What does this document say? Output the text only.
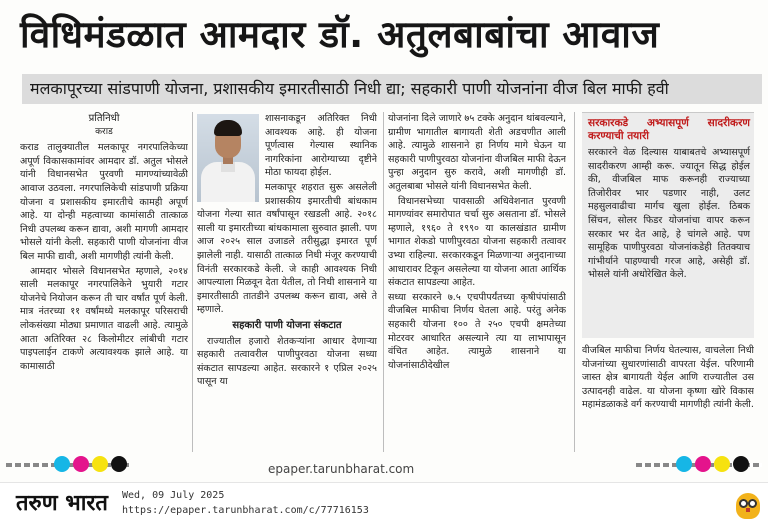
विधिमंडळात आमदार डॉ. अतुलबाबांचा आवाज
मलकापूरच्या सांडपाणी योजना, प्रशासकीय इमारतीसाठी निधी द्या; सहकारी पाणी योजनांना वीज बिल माफी हवी
प्रतिनिधी
कराड

कराड तालुक्यातील मलकापूर नगरपालिकेच्या अपूर्ण विकासकामांवर आमदार डॉ. अतुल भोसले यांनी विधानसभेत पुरवणी मागण्यांच्यावेळी आवाज उठवला. नगरपालिकेची सांडपाणी प्रक्रिया योजना व प्रशासकीय इमारतीचे कामही अपूर्ण आहे. या दोन्ही महत्वाच्या कामांसाठी तात्काळ निधी उपलब्ध करून द्यावा, अशी मागणी आमदार भोसले यांनी केली. सहकारी पाणी योजनांना वीज बिल माफी द्यावी, अशी मागणीही त्यांनी केली.

आमदार भोसले विधानसभेत म्हणाले, २०१४ साली मलकापूर नगरपालिकेने भुयारी गटार योजनेचे नियोजन करून ती चार वर्षांत पूर्ण केली. मात्र नंतरच्या ११ वर्षांमध्ये मलकापूर परिसराची लोकसंख्या मोठ्या प्रमाणात वाढली आहे. त्यामुळे आता अतिरिक्त २८ किलोमीटर लांबीची गटार पाइपलाईन टाकणे अत्यावश्यक झाले आहे. या कामासाठी

शासनाकडून अतिरिक्त निधी आवश्यक आहे. ही योजना पूर्णत्वास गेल्यास स्थानिक नागरिकांना आरोग्याच्या दृष्टीने मोठा फायदा होईल.

मलकापूर शहरात सुरू असलेली प्रशासकीय इमारतीची बांधकाम योजना गेल्या सात वर्षांपासून रखडली आहे. २०१८ साली या इमारतीच्या बांधकामाला सुरुवात झाली. पण आज २०२५ साल उजाडले तरीसुद्धा इमारत पूर्ण झालेली नाही. यासाठी तात्काळ निधी मंजूर करण्याची विनंती सरकारकडे केली. जे काही आवश्यक निधी आपल्याला मिळवून देता येतील, तो निधी शासनाने या इमारतीसाठी तातडीने उपलब्ध करून द्यावा, असे ते म्हणाले.

सहकारी पाणी योजना संकटात

राज्यातील हजारो शेतकऱ्यांना आधार देणाऱ्या सहकारी तत्वावरील पाणीपुरवठा योजना सध्या संकटात सापडल्या आहेत. सरकारने १ एप्रिल २०२५ पासून या

योजनांना दिले जाणारे ७५ टक्के अनुदान थांबवल्याने, ग्रामीण भागातील बागायती शेती अडचणीत आली आहे. त्यामुळे शासनाने हा निर्णय मागे घेऊन या सहकारी पाणीपुरवठा योजनांना वीजबिल माफी देऊन पुन्हा अनुदान सुरु करावे, अशी मागणीही डॉ. अतुलबाबा भोसले यांनी विधानसभेत केली.

विधानसभेच्या पावसाळी अधिवेशनात पुरवणी मागण्यांवर समारोपात चर्चा सुरु असताना डॉ. भोसले म्हणाले, १९६० ते १९९० या कालखंडात ग्रामीण भागात शेकडो पाणीपुरवठा योजना सहकारी तत्वावर उभ्या राहिल्या. सरकारकडून मिळणाऱ्या अनुदानाच्या आधारावर टिकून असलेल्या या योजना आता आर्थिक संकटात सापडल्या आहेत.

सध्या सरकारने ७.५ एचपीपर्यंतच्या कृषीपंपांसाठी वीजबिल माफीचा निर्णय घेतला आहे. परंतु अनेक सहकारी योजना १०० ते २५० एचपी क्षमतेच्या मोटरवर आधारित असल्याने त्या या लाभापासून वंचित आहेत. त्यामुळे शासनाने या योजनांसाठीदेखील

सरकारकडे अभ्यासपूर्ण सादरीकरण करण्याची तयारी

सरकारने वेळ दिल्यास याबाबतचे अभ्यासपूर्ण सादरीकरण आम्ही करू. ज्यातून सिद्ध होईल की, वीजबिल माफ करूनही राज्याच्या तिजोरीवर भार पडणार नाही, उलट महसुलवाढीचा मार्गच खुला होईल. ठिबक सिंचन, सोलर फिडर योजनांचा वापर करून सरकार भर देत आहे, हे चांगले आहे. पण सामूहिक पाणीपुरवठा योजनांकडेही तितक्याच गांभीर्याने पाहण्याची गरज आहे, असेही डॉ. भोसले यांनी अधोरेखित केले.

वीजबिल माफीचा निर्णय घेतल्यास, वाचलेला निधी योजनांच्या सुधारणांसाठी वापरता येईल. परिणामी जास्त क्षेत्र बागायती येईल आणि राज्यातील उस उत्पादनही वाढेल. या योजना कृष्णा खोरे विकास महामंडळाकडे वर्ग करण्याची मागणीही त्यांनी केली.

epaper.tarunbharat.com
तरुण भारत Wed, 09 July 2025
https://epaper.tarunbharat.com/c/77716153
